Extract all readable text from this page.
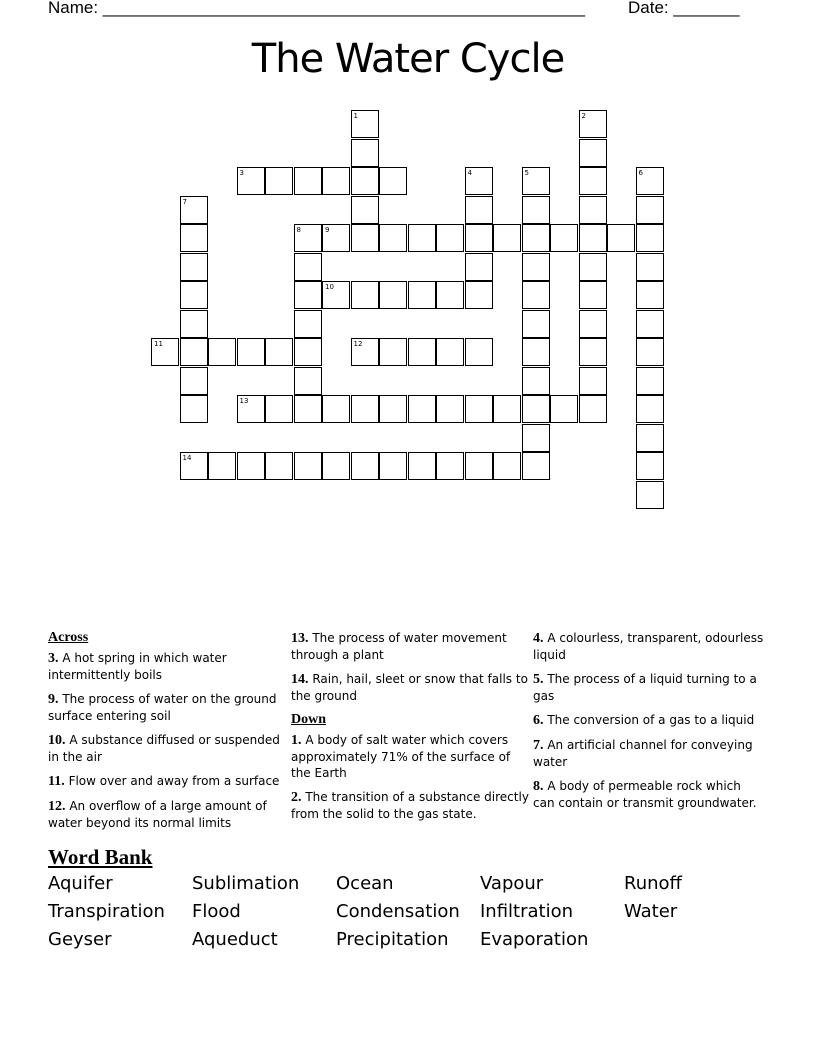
Name: ___________________________________________________	Date: _______
The Water Cycle
1	2
3	4	5	6
7
8	9
10
11	12
13
14
Across
3. A hot spring in which water intermittently boils
9. The process of water on the ground surface entering soil
10. A substance diffused or suspended in the air
11. Flow over and away from a surface
12. An overflow of a large amount of water beyond its normal limits
13. The process of water movement through a plant
14. Rain, hail, sleet or snow that falls to the ground
Down
1. A body of salt water which covers approximately 71% of the surface of the Earth
2. The transition of a substance directly from the solid to the gas state.
4. A colourless, transparent, odourless liquid
5. The process of a liquid turning to a gas
6. The conversion of a gas to a liquid
7. An artificial channel for conveying water
8. A body of permeable rock which can contain or transmit groundwater.
Word Bank
Aquifer	Sublimation	Ocean	Vapour	Runoff
Transpiration	Flood	Condensation	Infiltration	Water
Geyser	Aqueduct	Precipitation	Evaporation
